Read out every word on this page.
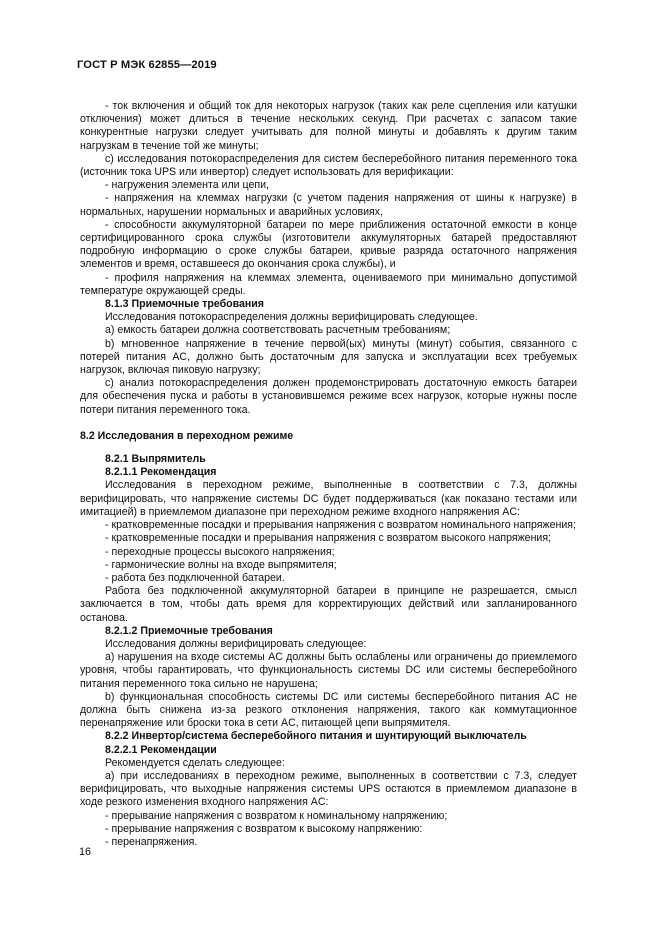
ГОСТ Р МЭК 62855—2019
- ток включения и общий ток для некоторых нагрузок (таких как реле сцепления или катушки отключения) может длиться в течение нескольких секунд. При расчетах с запасом такие конкурентные нагрузки следует учитывать для полной минуты и добавлять к другим таким нагрузкам в течение той же минуты;
c) исследования потокораспределения для систем бесперебойного питания переменного тока (источник тока UPS или инвертор) следует использовать для верификации:
- нагружения элемента или цепи,
- напряжения на клеммах нагрузки (с учетом падения напряжения от шины к нагрузке) в нормальных, нарушении нормальных и аварийных условиях,
- способности аккумуляторной батареи по мере приближения остаточной емкости в конце сертифицированного срока службы (изготовители аккумуляторных батарей предоставляют подробную информацию о сроке службы батареи, кривые разряда остаточного напряжения элементов и время, оставшееся до окончания срока службы), и
- профиля напряжения на клеммах элемента, оцениваемого при минимально допустимой температуре окружающей среды.
8.1.3 Приемочные требования
Исследования потокораспределения должны верифицировать следующее.
a) емкость батареи должна соответствовать расчетным требованиям;
b) мгновенное напряжение в течение первой(ых) минуты (минут) события, связанного с потерей питания AC, должно быть достаточным для запуска и эксплуатации всех требуемых нагрузок, включая пиковую нагрузку;
c) анализ потокораспределения должен продемонстрировать достаточную емкость батареи для обеспечения пуска и работы в установившемся режиме всех нагрузок, которые нужны после потери питания переменного тока.
8.2 Исследования в переходном режиме
8.2.1 Выпрямитель
8.2.1.1 Рекомендация
Исследования в переходном режиме, выполненные в соответствии с 7.3, должны верифицировать, что напряжение системы DC будет поддерживаться (как показано тестами или имитацией) в приемлемом диапазоне при переходном режиме входного напряжения AC:
- кратковременные посадки и прерывания напряжения с возвратом номинального напряжения;
- кратковременные посадки и прерывания напряжения с возвратом высокого напряжения;
- переходные процессы высокого напряжения;
- гармонические волны на входе выпрямителя;
- работа без подключенной батареи.
Работа без подключенной аккумуляторной батареи в принципе не разрешается, смысл заключается в том, чтобы дать время для корректирующих действий или запланированного останова.
8.2.1.2 Приемочные требования
Исследования должны верифицировать следующее:
a) нарушения на входе системы AC должны быть ослаблены или ограничены до приемлемого уровня, чтобы гарантировать, что функциональность системы DC или системы бесперебойного питания переменного тока сильно не нарушена;
b) функциональная способность системы DC или системы бесперебойного питания AC не должна быть снижена из-за резкого отклонения напряжения, такого как коммутационное перенапряжение или броски тока в сети AC, питающей цепи выпрямителя.
8.2.2 Инвертор/система бесперебойного питания и шунтирующий выключатель
8.2.2.1 Рекомендации
Рекомендуется сделать следующее:
a) при исследованиях в переходном режиме, выполненных в соответствии с 7.3, следует верифицировать, что выходные напряжения системы UPS остаются в приемлемом диапазоне в ходе резкого изменения входного напряжения AC:
- прерывание напряжения с возвратом к номинальному напряжению;
- прерывание напряжения с возвратом к высокому напряжению:
- перенапряжения.
16
